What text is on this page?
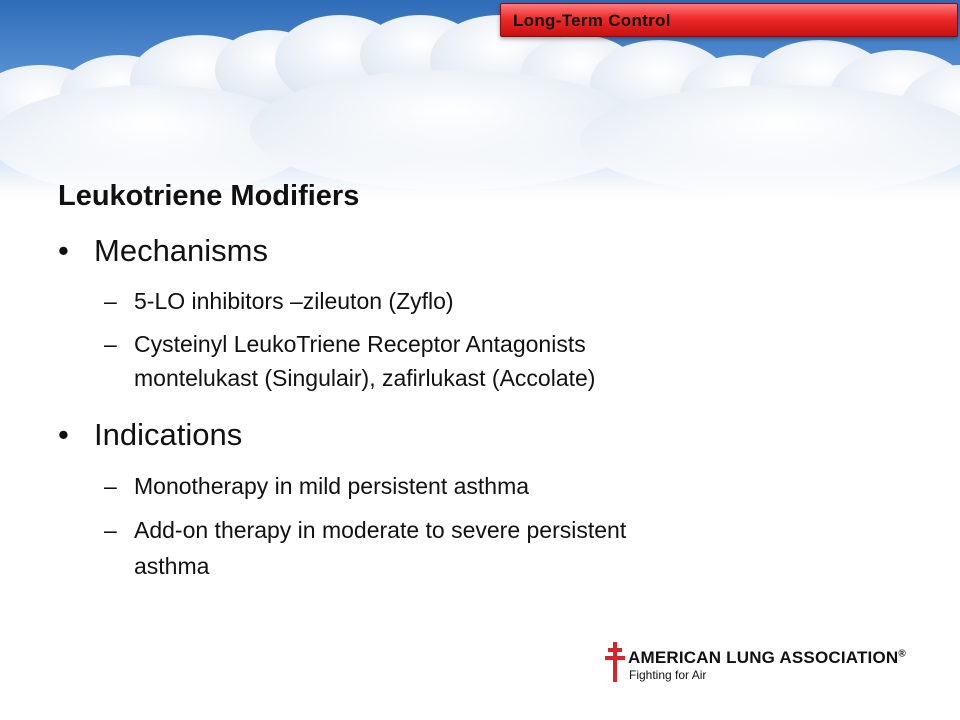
Long-Term Control
Leukotriene Modifiers
• Mechanisms
– 5-LO inhibitors –zileuton (Zyflo)
– Cysteinyl LeukoTriene Receptor Antagonists
montelukast (Singulair), zafirlukast (Accolate)
• Indications
– Monotherapy in mild persistent asthma
– Add-on therapy in moderate to severe persistent
asthma
AMERICAN LUNG ASSOCIATION®
Fighting for Air
